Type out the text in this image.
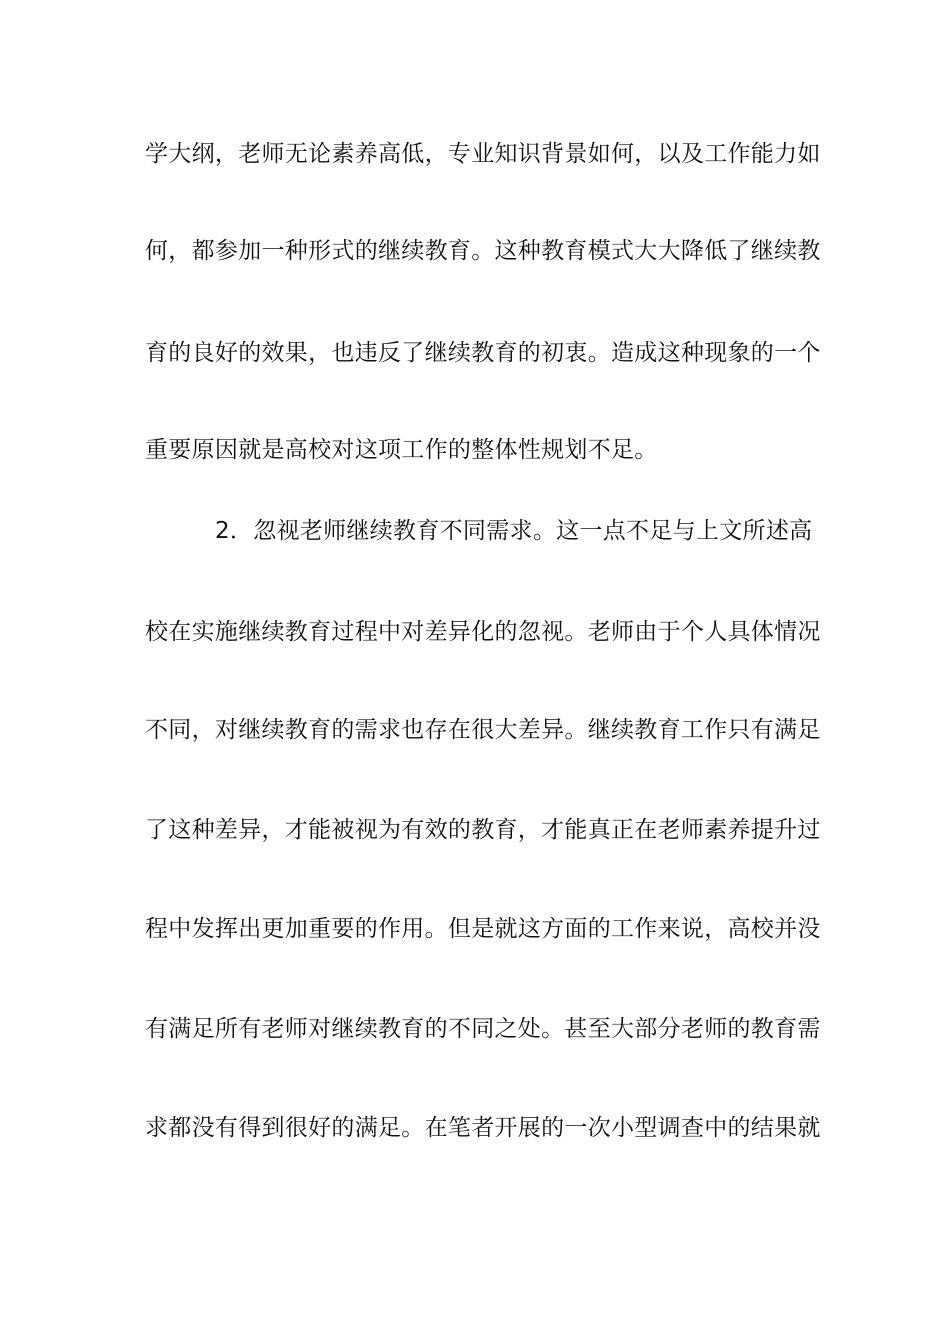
学大纲，老师无论素养高低，专业知识背景如何，以及工作能力如
何，都参加一种形式的继续教育。这种教育模式大大降低了继续教
育的良好的效果，也违反了继续教育的初衷。造成这种现象的一个
重要原因就是高校对这项工作的整体性规划不足。
2．忽视老师继续教育不同需求。这一点不足与上文所述高
校在实施继续教育过程中对差异化的忽视。老师由于个人具体情况
不同，对继续教育的需求也存在很大差异。继续教育工作只有满足
了这种差异，才能被视为有效的教育，才能真正在老师素养提升过
程中发挥出更加重要的作用。但是就这方面的工作来说，高校并没
有满足所有老师对继续教育的不同之处。甚至大部分老师的教育需
求都没有得到很好的满足。在笔者开展的一次小型调查中的结果就
